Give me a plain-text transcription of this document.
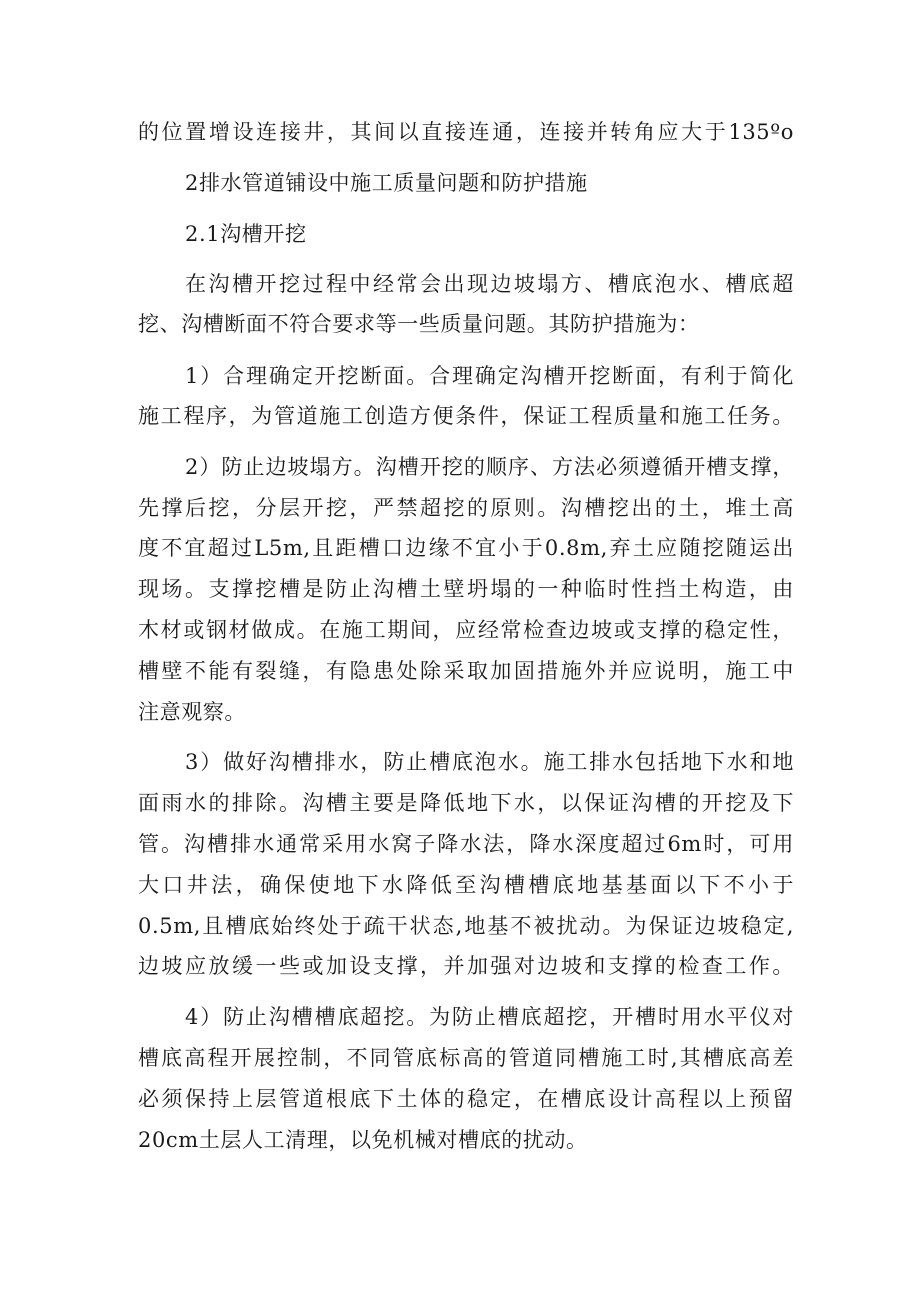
的位置增设连接井，其间以直接连通，连接并转角应大于135ºo
2排水管道铺设中施工质量问题和防护措施
2.1沟槽开挖
在沟槽开挖过程中经常会出现边坡塌方、槽底泡水、槽底超
挖、沟槽断面不符合要求等一些质量问题。其防护措施为：
1）合理确定开挖断面。合理确定沟槽开挖断面，有利于简化
施工程序，为管道施工创造方便条件，保证工程质量和施工任务。
2）防止边坡塌方。沟槽开挖的顺序、方法必须遵循开槽支撑，
先撑后挖，分层开挖，严禁超挖的原则。沟槽挖出的土，堆土高
度不宜超过L5m,且距槽口边缘不宜小于0.8m,弃土应随挖随运出
现场。支撑挖槽是防止沟槽土壁坍塌的一种临时性挡土构造，由
木材或钢材做成。在施工期间，应经常检查边坡或支撑的稳定性，
槽壁不能有裂缝，有隐患处除采取加固措施外并应说明，施工中
注意观察。
3）做好沟槽排水，防止槽底泡水。施工排水包括地下水和地
面雨水的排除。沟槽主要是降低地下水，以保证沟槽的开挖及下
管。沟槽排水通常采用水窝子降水法，降水深度超过6m时，可用
大口井法，确保使地下水降低至沟槽槽底地基基面以下不小于
0.5m,且槽底始终处于疏干状态,地基不被扰动。为保证边坡稳定,
边坡应放缓一些或加设支撑，并加强对边坡和支撑的检查工作。
4）防止沟槽槽底超挖。为防止槽底超挖，开槽时用水平仪对
槽底高程开展控制，不同管底标高的管道同槽施工时,其槽底高差
必须保持上层管道根底下土体的稳定，在槽底设计高程以上预留
20cm土层人工清理，以免机械对槽底的扰动。
